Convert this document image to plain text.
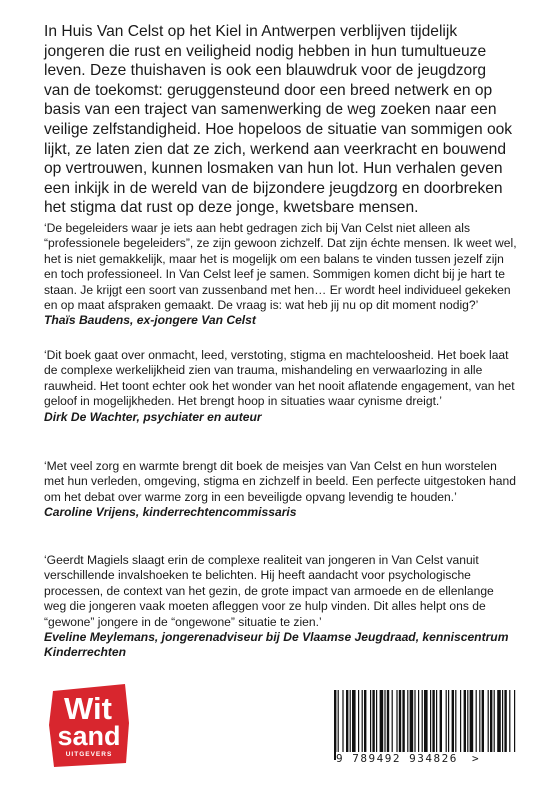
In Huis Van Celst op het Kiel in Antwerpen verblijven tijdelijk jongeren die rust en veiligheid nodig hebben in hun tumultueuze leven. Deze thuishaven is ook een blauwdruk voor de jeugdzorg van de toekomst: geruggensteund door een breed netwerk en op basis van een traject van samenwerking de weg zoeken naar een veilige zelfstandigheid. Hoe hopeloos de situatie van sommigen ook lijkt, ze laten zien dat ze zich, werkend aan veerkracht en bouwend op vertrouwen, kunnen losmaken van hun lot. Hun verhalen geven een inkijk in de wereld van de bijzondere jeugdzorg en doorbreken het stigma dat rust op deze jonge, kwetsbare mensen.

‘De begeleiders waar je iets aan hebt gedragen zich bij Van Celst niet alleen als “professionele begeleiders”, ze zijn gewoon zichzelf. Dat zijn échte mensen. Ik weet wel, het is niet gemakkelijk, maar het is mogelijk om een balans te vinden tussen jezelf zijn en toch professioneel. In Van Celst leef je samen. Sommigen komen dicht bij je hart te staan. Je krijgt een soort van zussenband met hen… Er wordt heel individueel gekeken en op maat afspraken gemaakt. De vraag is: wat heb jij nu op dit moment nodig?’

Thaïs Baudens, ex-jongere Van Celst

‘Dit boek gaat over onmacht, leed, verstoting, stigma en machteloosheid. Het boek laat de complexe werkelijkheid zien van trauma, mishandeling en verwaarlozing in alle rauwheid. Het toont echter ook het wonder van het nooit aflatende engagement, van het geloof in mogelijkheden. Het brengt hoop in situaties waar cynisme dreigt.’

Dirk De Wachter, psychiater en auteur

‘Met veel zorg en warmte brengt dit boek de meisjes van Van Celst en hun worstelen met hun verleden, omgeving, stigma en zichzelf in beeld. Een perfecte uitgestoken hand om het debat over warme zorg in een beveiligde opvang levendig te houden.’

Caroline Vrijens, kinderrechtencommissaris

‘Geerdt Magiels slaagt erin de complexe realiteit van jongeren in Van Celst vanuit verschillende invalshoeken te belichten. Hij heeft aandacht voor psychologische processen, de context van het gezin, de grote impact van armoede en de ellenlange weg die jongeren vaak moeten afleggen voor ze hulp vinden. Dit alles helpt ons de “gewone” jongere in de “ongewone” situatie te zien.’

Eveline Meylemans, jongerenadviseur bij De Vlaamse Jeugdraad, kenniscentrum Kinderrechten

Wit
sand
UITGEVERS	9 789492 934826 >
